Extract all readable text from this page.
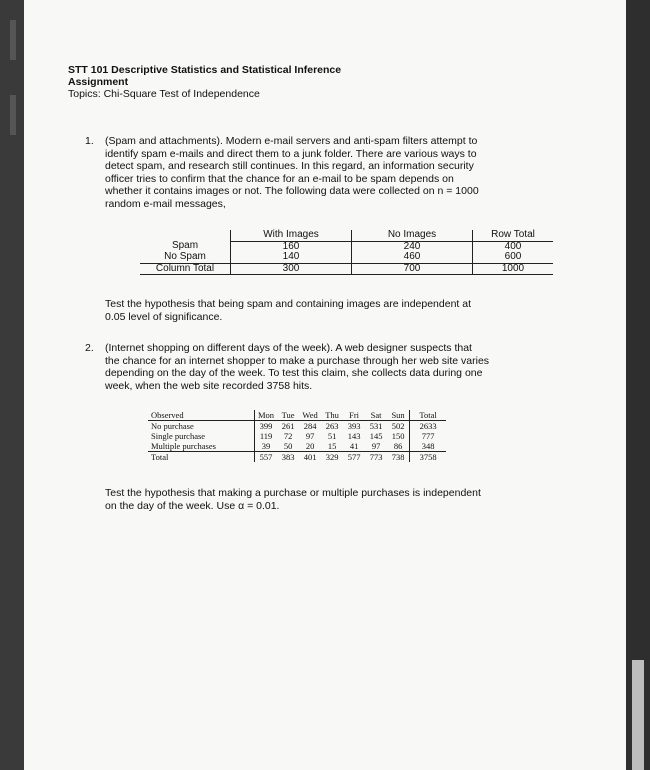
STT 101 Descriptive Statistics and Statistical Inference
Assignment
Topics: Chi-Square Test of Independence
1. (Spam and attachments). Modern e-mail servers and anti-spam filters attempt to
identify spam e-mails and direct them to a junk folder. There are various ways to
detect spam, and research still continues. In this regard, an information security
officer tries to confirm that the chance for an e-mail to be spam depends on
whether it contains images or not. The following data were collected on n = 1000
random e-mail messages,
	With Images	No Images	Row Total
Spam	160	240	400
No Spam	140	460	600
Column Total	300	700	1000
Test the hypothesis that being spam and containing images are independent at
0.05 level of significance.
2. (Internet shopping on different days of the week). A web designer suspects that
the chance for an internet shopper to make a purchase through her web site varies
depending on the day of the week. To test this claim, she collects data during one
week, when the web site recorded 3758 hits.
Observed	Mon	Tue	Wed	Thu	Fri	Sat	Sun	Total
No purchase	399	261	284	263	393	531	502	2633
Single purchase	119	72	97	51	143	145	150	777
Multiple purchases	39	50	20	15	41	97	86	348
Total	557	383	401	329	577	773	738	3758
Test the hypothesis that making a purchase or multiple purchases is independent
on the day of the week. Use α = 0.01.
